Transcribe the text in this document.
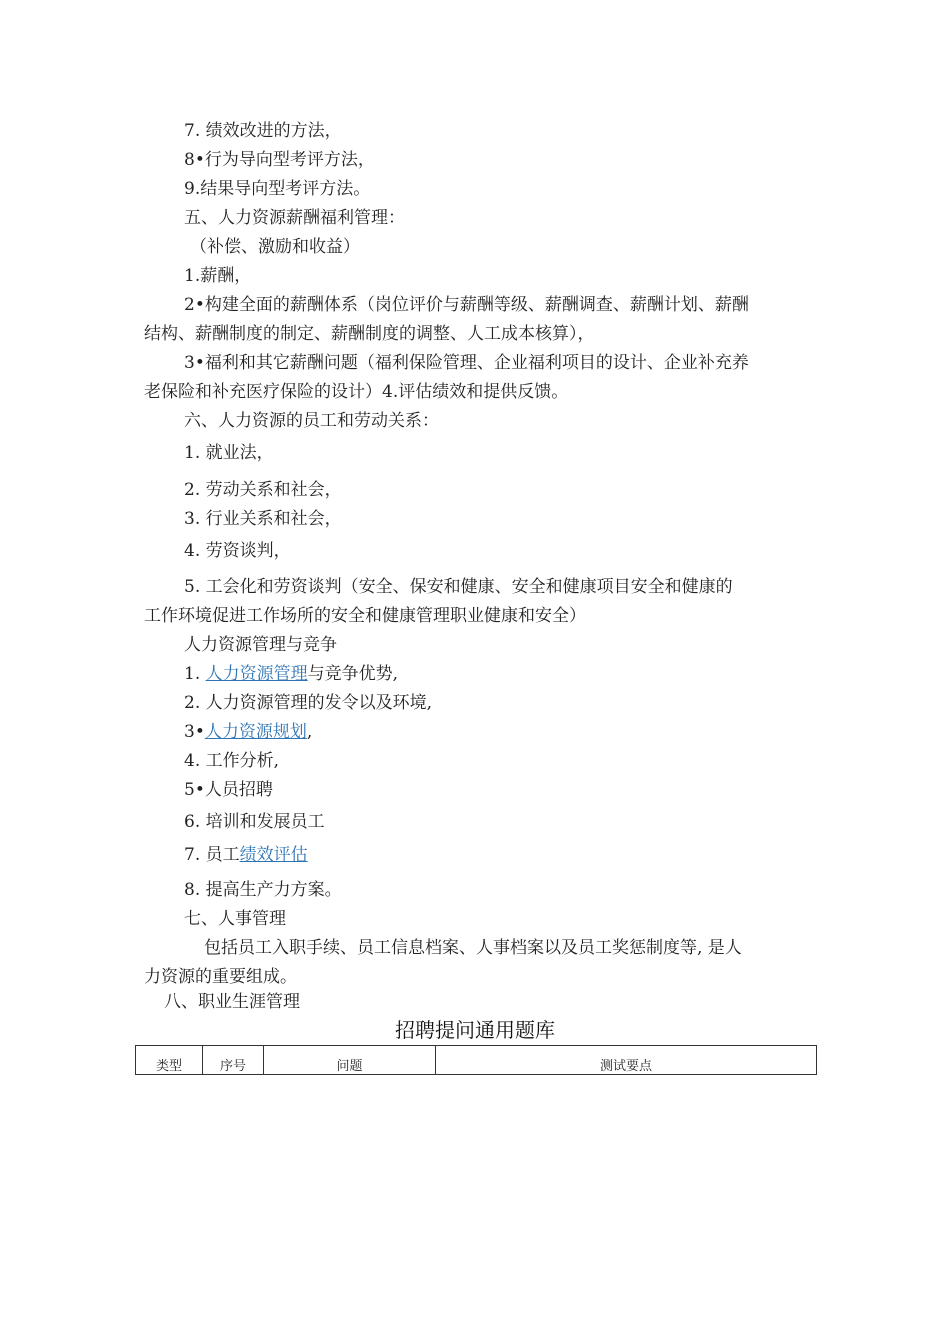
7. 绩效改进的方法，
8•行为导向型考评方法，
9.结果导向型考评方法。
五、人力资源薪酬福利管理：
（补偿、激励和收益）
1.薪酬，
2•构建全面的薪酬体系（岗位评价与薪酬等级、薪酬调查、薪酬计划、薪酬
结构、薪酬制度的制定、薪酬制度的调整、人工成本核算），
3•福利和其它薪酬问题（福利保险管理、企业福利项目的设计、企业补充养
老保险和补充医疗保险的设计）4.评估绩效和提供反馈。
六、人力资源的员工和劳动关系：
1. 就业法，
2. 劳动关系和社会，
3. 行业关系和社会，
4. 劳资谈判，
5. 工会化和劳资谈判（安全、保安和健康、安全和健康项目安全和健康的
工作环境促进工作场所的安全和健康管理职业健康和安全）
人力资源管理与竞争
1. 人力资源管理与竞争优势,
2. 人力资源管理的发令以及环境,
3•人力资源规划,
4. 工作分析,
5•人员招聘
6. 培训和发展员工
7. 员工绩效评估
8. 提高生产力方案。
七、人事管理
包括员工入职手续、员工信息档案、人事档案以及员工奖惩制度等, 是人
力资源的重要组成。
八、职业生涯管理
招聘提问通用题库
类型	序号	问题	测试要点
